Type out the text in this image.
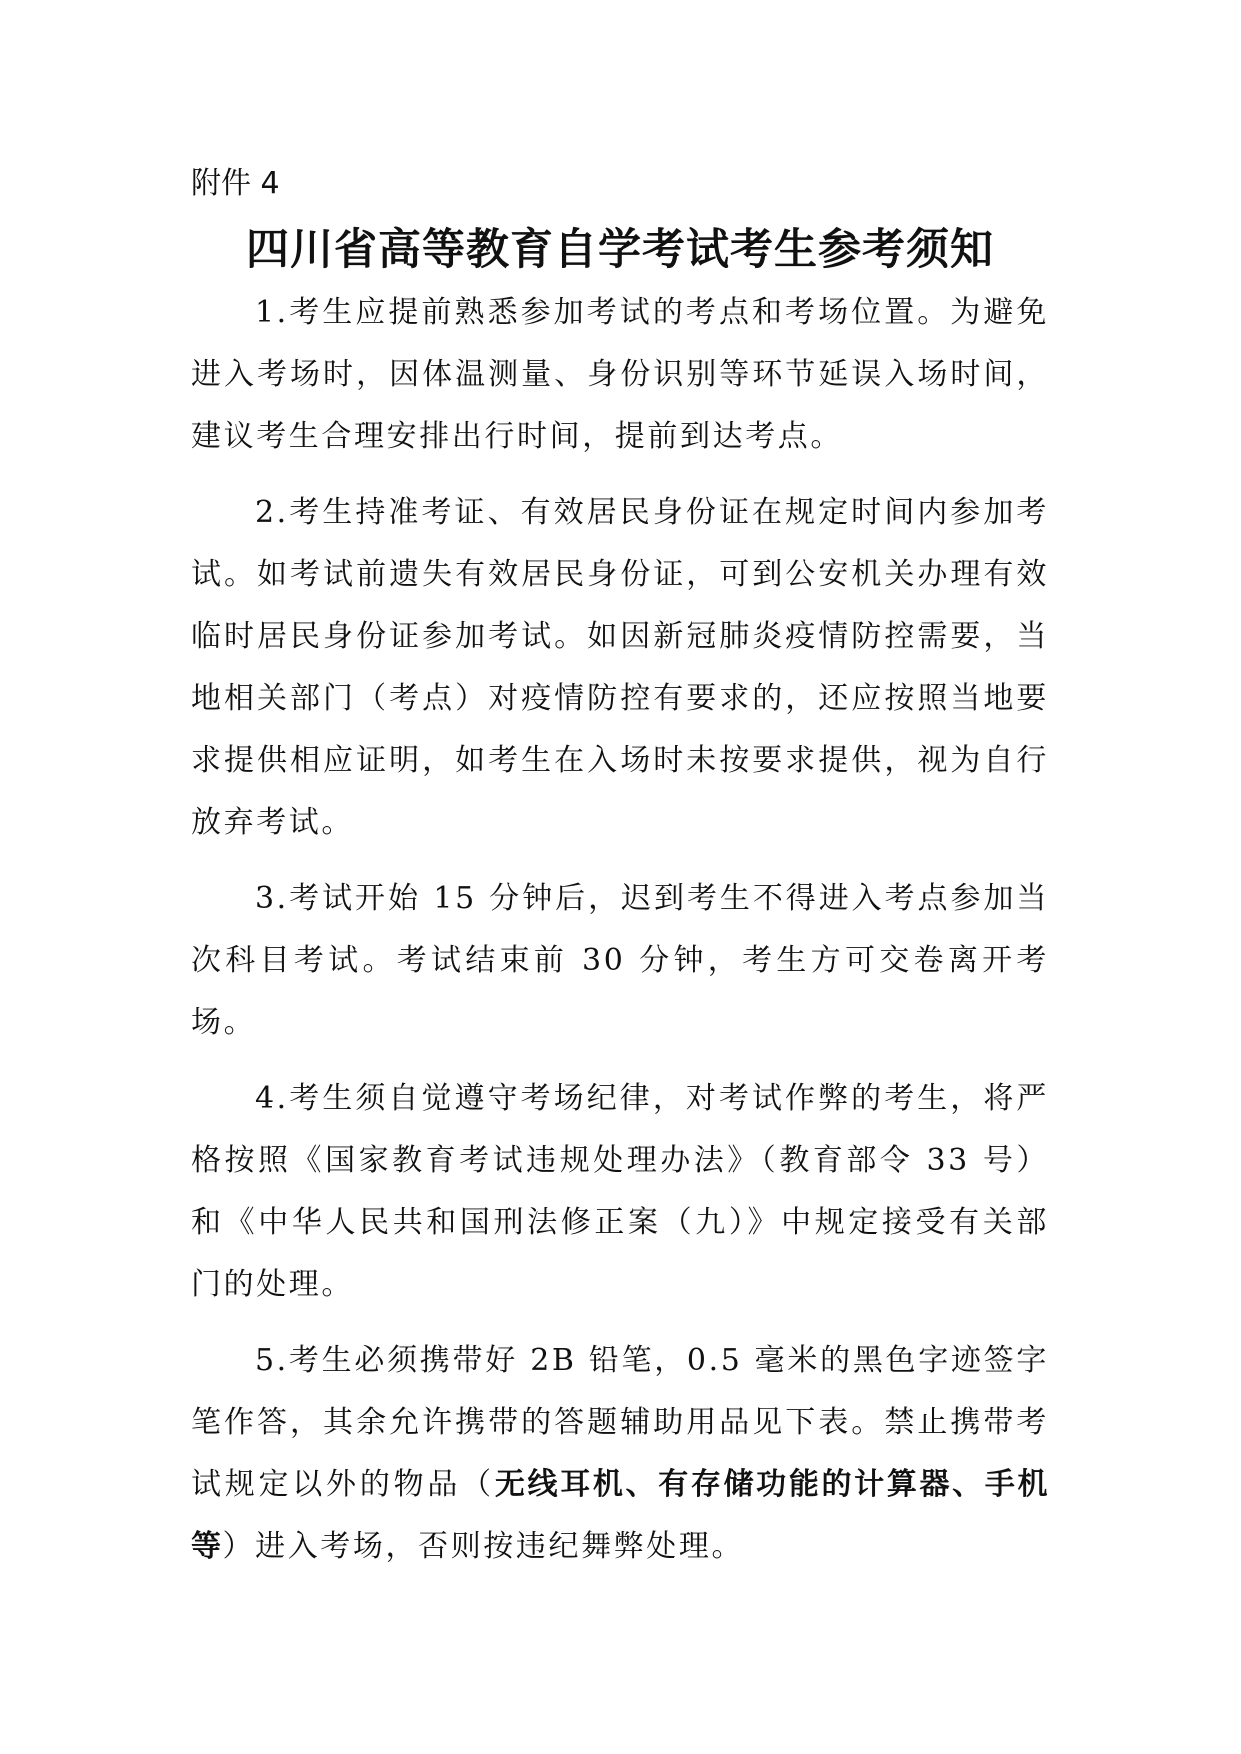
附件 4

四川省高等教育自学考试考生参考须知

1.考生应提前熟悉参加考试的考点和考场位置。为避免进入考场时，因体温测量、身份识别等环节延误入场时间，建议考生合理安排出行时间，提前到达考点。

2.考生持准考证、有效居民身份证在规定时间内参加考试。如考试前遗失有效居民身份证，可到公安机关办理有效临时居民身份证参加考试。如因新冠肺炎疫情防控需要，当地相关部门（考点）对疫情防控有要求的，还应按照当地要求提供相应证明，如考生在入场时未按要求提供，视为自行放弃考试。

3.考试开始 15 分钟后，迟到考生不得进入考点参加当次科目考试。考试结束前 30 分钟，考生方可交卷离开考场。

4.考生须自觉遵守考场纪律，对考试作弊的考生，将严格按照《国家教育考试违规处理办法》（教育部令 33 号）和《中华人民共和国刑法修正案（九）》中规定接受有关部门的处理。

5.考生必须携带好 2B 铅笔，0.5 毫米的黑色字迹签字笔作答，其余允许携带的答题辅助用品见下表。禁止携带考试规定以外的物品（无线耳机、有存储功能的计算器、手机等）进入考场，否则按违纪舞弊处理。
